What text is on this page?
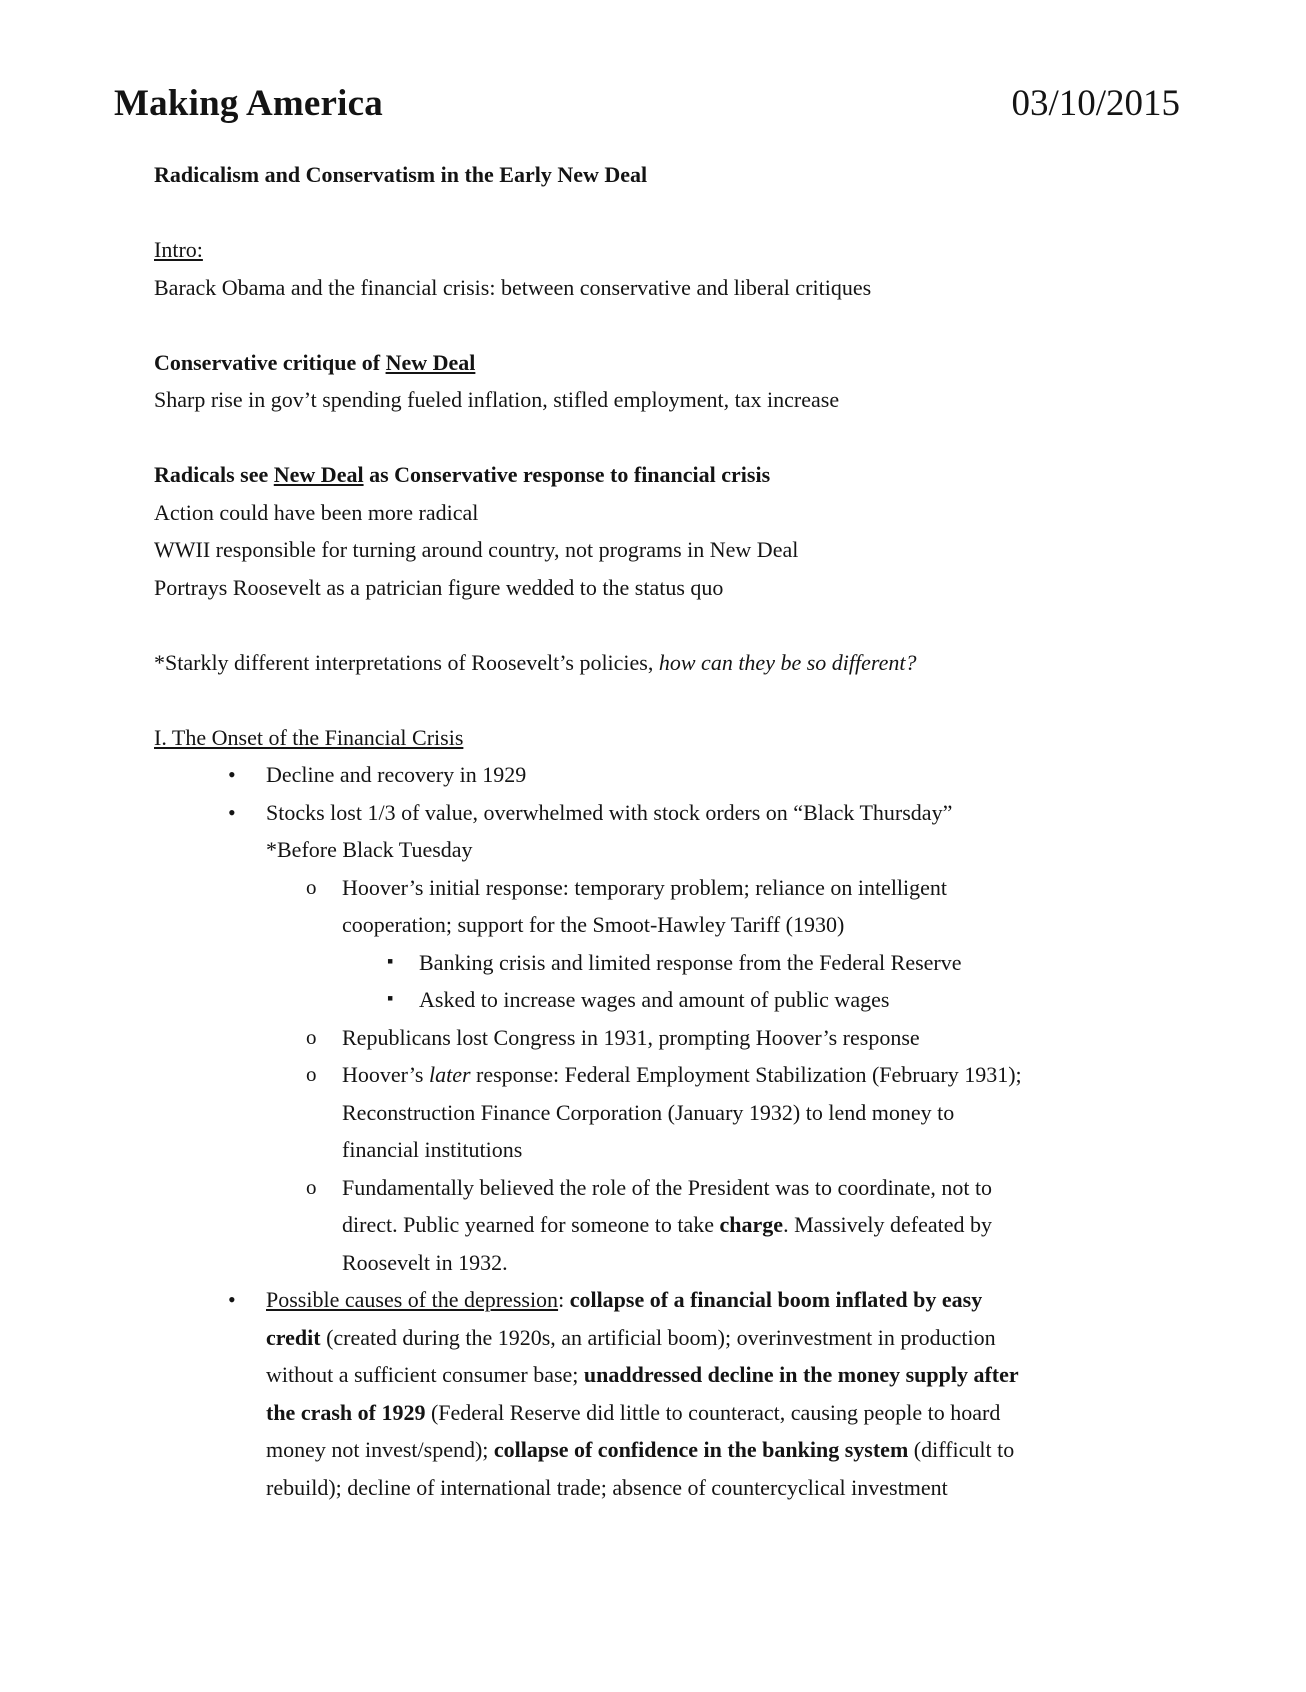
Making America	03/10/2015

Radicalism and Conservatism in the Early New Deal

Intro:

Barack Obama and the financial crisis: between conservative and liberal critiques

Conservative critique of New Deal

Sharp rise in gov’t spending fueled inflation, stifled employment, tax increase

Radicals see New Deal as Conservative response to financial crisis

Action could have been more radical

WWII responsible for turning around country, not programs in New Deal

Portrays Roosevelt as a patrician figure wedded to the status quo

*Starkly different interpretations of Roosevelt’s policies, how can they be so different?

I. The Onset of the Financial Crisis

• Decline and recovery in 1929
• Stocks lost 1/3 of value, overwhelmed with stock orders on “Black Thursday”
*Before Black Tuesday
o Hoover’s initial response: temporary problem; reliance on intelligent
cooperation; support for the Smoot-Hawley Tariff (1930)
▪ Banking crisis and limited response from the Federal Reserve
▪ Asked to increase wages and amount of public wages
o Republicans lost Congress in 1931, prompting Hoover’s response
o Hoover’s later response: Federal Employment Stabilization (February 1931);
Reconstruction Finance Corporation (January 1932) to lend money to
financial institutions
o Fundamentally believed the role of the President was to coordinate, not to
direct. Public yearned for someone to take charge. Massively defeated by
Roosevelt in 1932.
• Possible causes of the depression: collapse of a financial boom inflated by easy
credit (created during the 1920s, an artificial boom); overinvestment in production
without a sufficient consumer base; unaddressed decline in the money supply after
the crash of 1929 (Federal Reserve did little to counteract, causing people to hoard
money not invest/spend); collapse of confidence in the banking system (difficult to
rebuild); decline of international trade; absence of countercyclical investment
